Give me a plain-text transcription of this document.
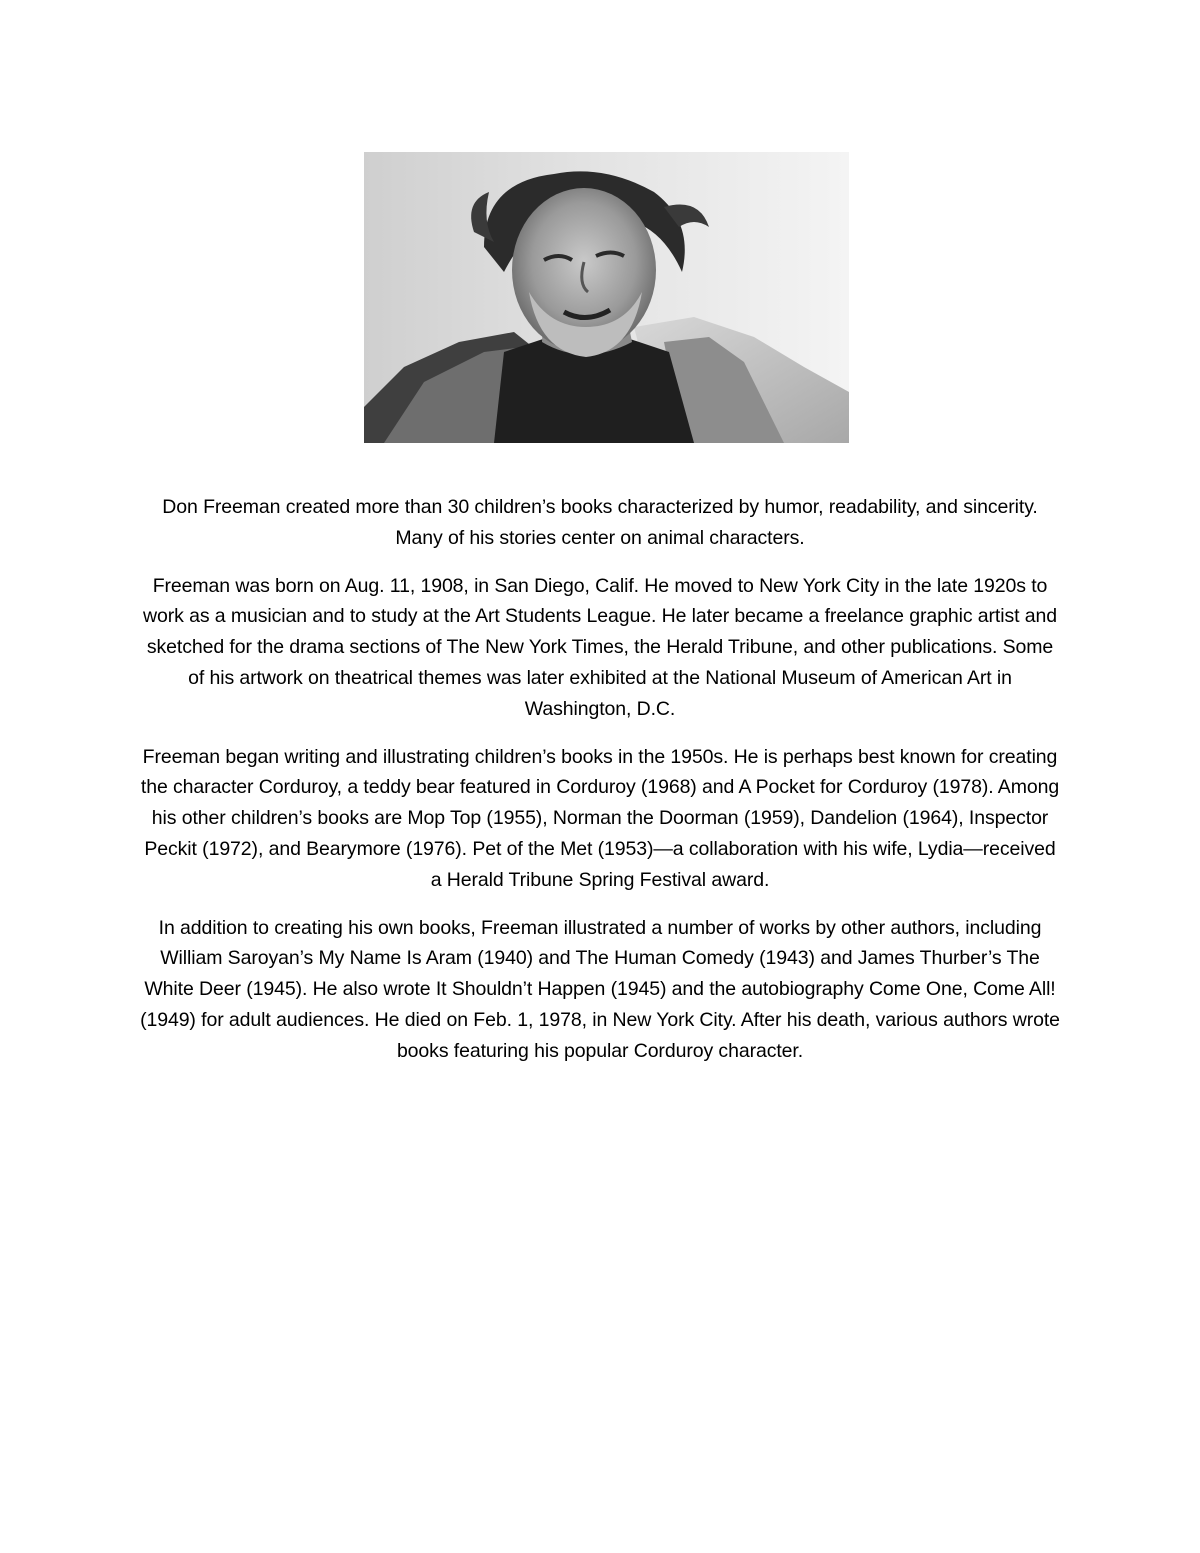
Don Freeman created more than 30 children’s books characterized by humor, readability, and sincerity. Many of his stories center on animal characters.

Freeman was born on Aug. 11, 1908, in San Diego, Calif. He moved to New York City in the late 1920s to work as a musician and to study at the Art Students League. He later became a freelance graphic artist and sketched for the drama sections of The New York Times, the Herald Tribune, and other publications. Some of his artwork on theatrical themes was later exhibited at the National Museum of American Art in Washington, D.C.

Freeman began writing and illustrating children’s books in the 1950s. He is perhaps best known for creating the character Corduroy, a teddy bear featured in Corduroy (1968) and A Pocket for Corduroy (1978). Among his other children’s books are Mop Top (1955), Norman the Doorman (1959), Dandelion (1964), Inspector Peckit (1972), and Bearymore (1976). Pet of the Met (1953)—a collaboration with his wife, Lydia—received a Herald Tribune Spring Festival award.

In addition to creating his own books, Freeman illustrated a number of works by other authors, including William Saroyan’s My Name Is Aram (1940) and The Human Comedy (1943) and James Thurber’s The White Deer (1945). He also wrote It Shouldn’t Happen (1945) and the autobiography Come One, Come All! (1949) for adult audiences. He died on Feb. 1, 1978, in New York City. After his death, various authors wrote books featuring his popular Corduroy character.
